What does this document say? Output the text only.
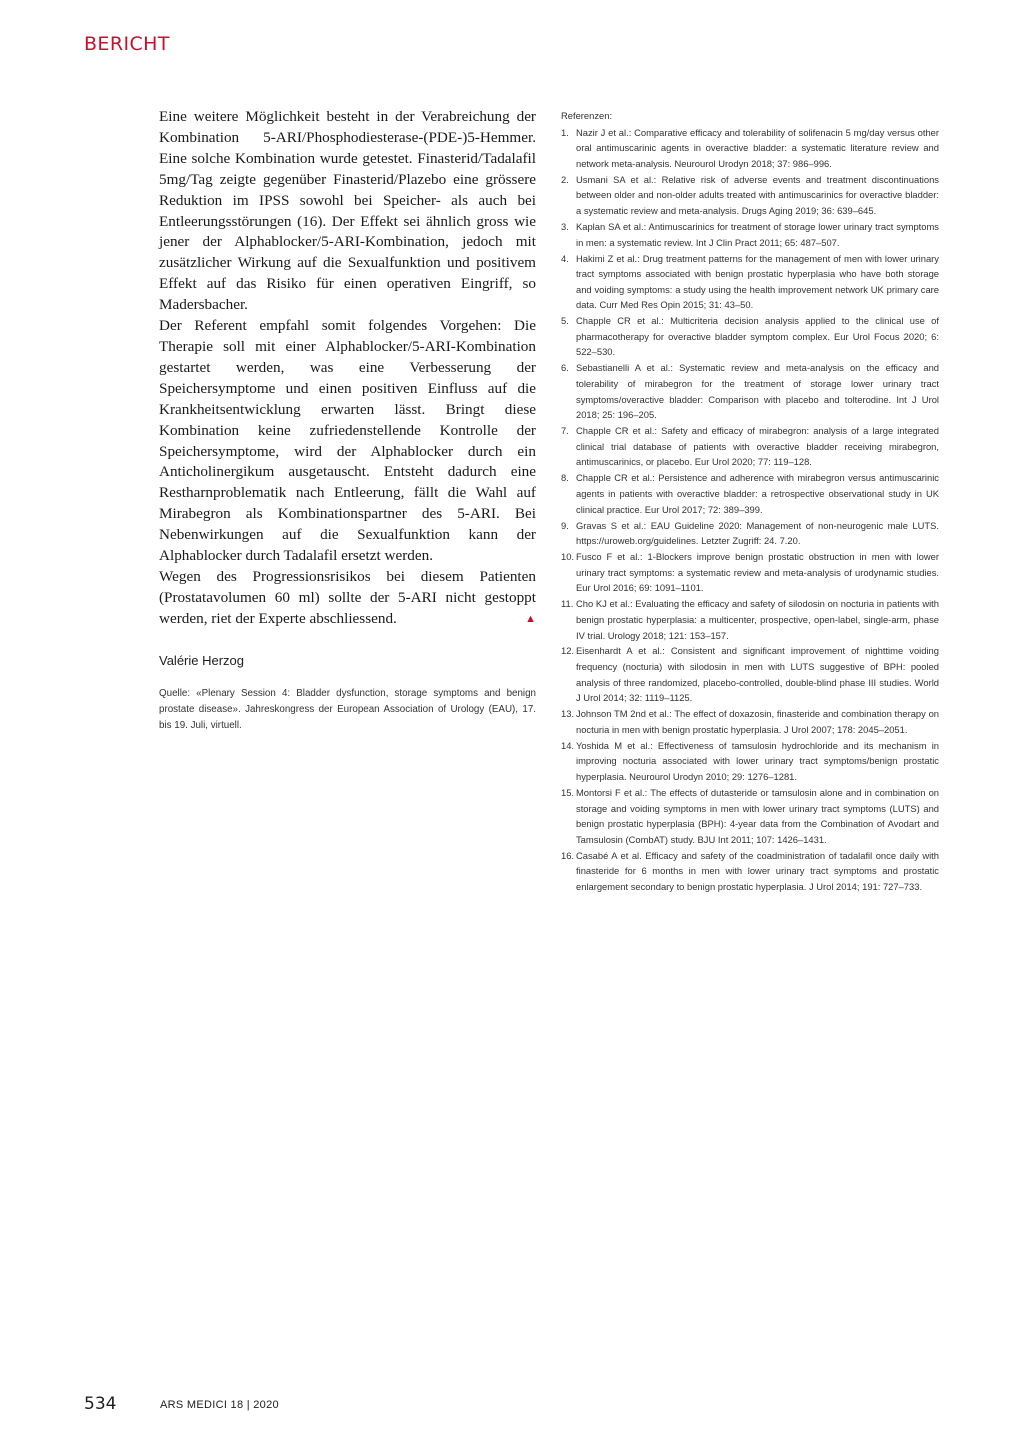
BERICHT

Eine weitere Möglichkeit besteht in der Verabreichung der Kombination 5-ARI/Phosphodiesterase-(PDE-)5-Hemmer. Eine solche Kombination wurde getestet. Finasterid/Tadalafil 5mg/Tag zeigte gegenüber Finasterid/Plazebo eine grössere Reduktion im IPSS sowohl bei Speicher- als auch bei Entleerungsstörungen (16). Der Effekt sei ähnlich gross wie jener der Alphablocker/5-ARI-Kombination, jedoch mit zusätzlicher Wirkung auf die Sexualfunktion und positivem Effekt auf das Risiko für einen operativen Eingriff, so Madersbacher.

Der Referent empfahl somit folgendes Vorgehen: Die Therapie soll mit einer Alphablocker/5-ARI-Kombination gestartet werden, was eine Verbesserung der Speichersymptome und einen positiven Einfluss auf die Krankheitsentwicklung erwarten lässt. Bringt diese Kombination keine zufriedenstellende Kontrolle der Speichersymptome, wird der Alphablocker durch ein Anticholinergikum ausgetauscht. Entsteht dadurch eine Restharnproblematik nach Entleerung, fällt die Wahl auf Mirabegron als Kombinationspartner des 5-ARI. Bei Nebenwirkungen auf die Sexualfunktion kann der Alphablocker durch Tadalafil ersetzt werden.

Wegen des Progressionsrisikos bei diesem Patienten (Prostatavolumen 60 ml) sollte der 5-ARI nicht gestoppt werden, riet der Experte abschliessend.	▲

Valérie Herzog
Quelle: «Plenary Session 4: Bladder dysfunction, storage symptoms and benign prostate disease». Jahreskongress der European Association of Urology (EAU), 17. bis 19. Juli, virtuell.
Referenzen:
1. Nazir J et al.: Comparative efficacy and tolerability of solifenacin 5 mg/day versus other oral antimuscarinic agents in overactive bladder: a systematic literature review and network meta-analysis. Neurourol Urodyn 2018; 37: 986–996.
2. Usmani SA et al.: Relative risk of adverse events and treatment discontinuations between older and non-older adults treated with antimuscarinics for overactive bladder: a systematic review and meta-analysis. Drugs Aging 2019; 36: 639–645.
3. Kaplan SA et al.: Antimuscarinics for treatment of storage lower urinary tract symptoms in men: a systematic review. Int J Clin Pract 2011; 65: 487–507.
4. Hakimi Z et al.: Drug treatment patterns for the management of men with lower urinary tract symptoms associated with benign prostatic hyperplasia who have both storage and voiding symptoms: a study using the health improvement network UK primary care data. Curr Med Res Opin 2015; 31: 43–50.
5. Chapple CR et al.: Multicriteria decision analysis applied to the clinical use of pharmacotherapy for overactive bladder symptom complex. Eur Urol Focus 2020; 6: 522–530.
6. Sebastianelli A et al.: Systematic review and meta-analysis on the efficacy and tolerability of mirabegron for the treatment of storage lower urinary tract symptoms/overactive bladder: Comparison with placebo and tolterodine. Int J Urol 2018; 25: 196–205.
7. Chapple CR et al.: Safety and efficacy of mirabegron: analysis of a large integrated clinical trial database of patients with overactive bladder receiving mirabegron, antimuscarinics, or placebo. Eur Urol 2020; 77: 119–128.
8. Chapple CR et al.: Persistence and adherence with mirabegron versus antimuscarinic agents in patients with overactive bladder: a retrospective observational study in UK clinical practice. Eur Urol 2017; 72: 389–399.
9. Gravas S et al.: EAU Guideline 2020: Management of non-neurogenic male LUTS. https://uroweb.org/guidelines. Letzter Zugriff: 24. 7.20.
10. Fusco F et al.: 1-Blockers improve benign prostatic obstruction in men with lower urinary tract symptoms: a systematic review and meta-analysis of urodynamic studies. Eur Urol 2016; 69: 1091–1101.
11. Cho KJ et al.: Evaluating the efficacy and safety of silodosin on nocturia in patients with benign prostatic hyperplasia: a multicenter, prospective, open-label, single-arm, phase IV trial. Urology 2018; 121: 153–157.
12. Eisenhardt A et al.: Consistent and significant improvement of nighttime voiding frequency (nocturia) with silodosin in men with LUTS suggestive of BPH: pooled analysis of three randomized, placebo-controlled, double-blind phase III studies. World J Urol 2014; 32: 1119–1125.
13. Johnson TM 2nd et al.: The effect of doxazosin, finasteride and combination therapy on nocturia in men with benign prostatic hyperplasia. J Urol 2007; 178: 2045–2051.
14. Yoshida M et al.: Effectiveness of tamsulosin hydrochloride and its mechanism in improving nocturia associated with lower urinary tract symptoms/benign prostatic hyperplasia. Neurourol Urodyn 2010; 29: 1276–1281.
15. Montorsi F et al.: The effects of dutasteride or tamsulosin alone and in combination on storage and voiding symptoms in men with lower urinary tract symptoms (LUTS) and benign prostatic hyperplasia (BPH): 4-year data from the Combination of Avodart and Tamsulosin (CombAT) study. BJU Int 2011; 107: 1426–1431.
16. Casabé A et al. Efficacy and safety of the coadministration of tadalafil once daily with finasteride for 6 months in men with lower urinary tract symptoms and prostatic enlargement secondary to benign prostatic hyperplasia. J Urol 2014; 191: 727–733.
534	ARS MEDICI 18 | 2020
